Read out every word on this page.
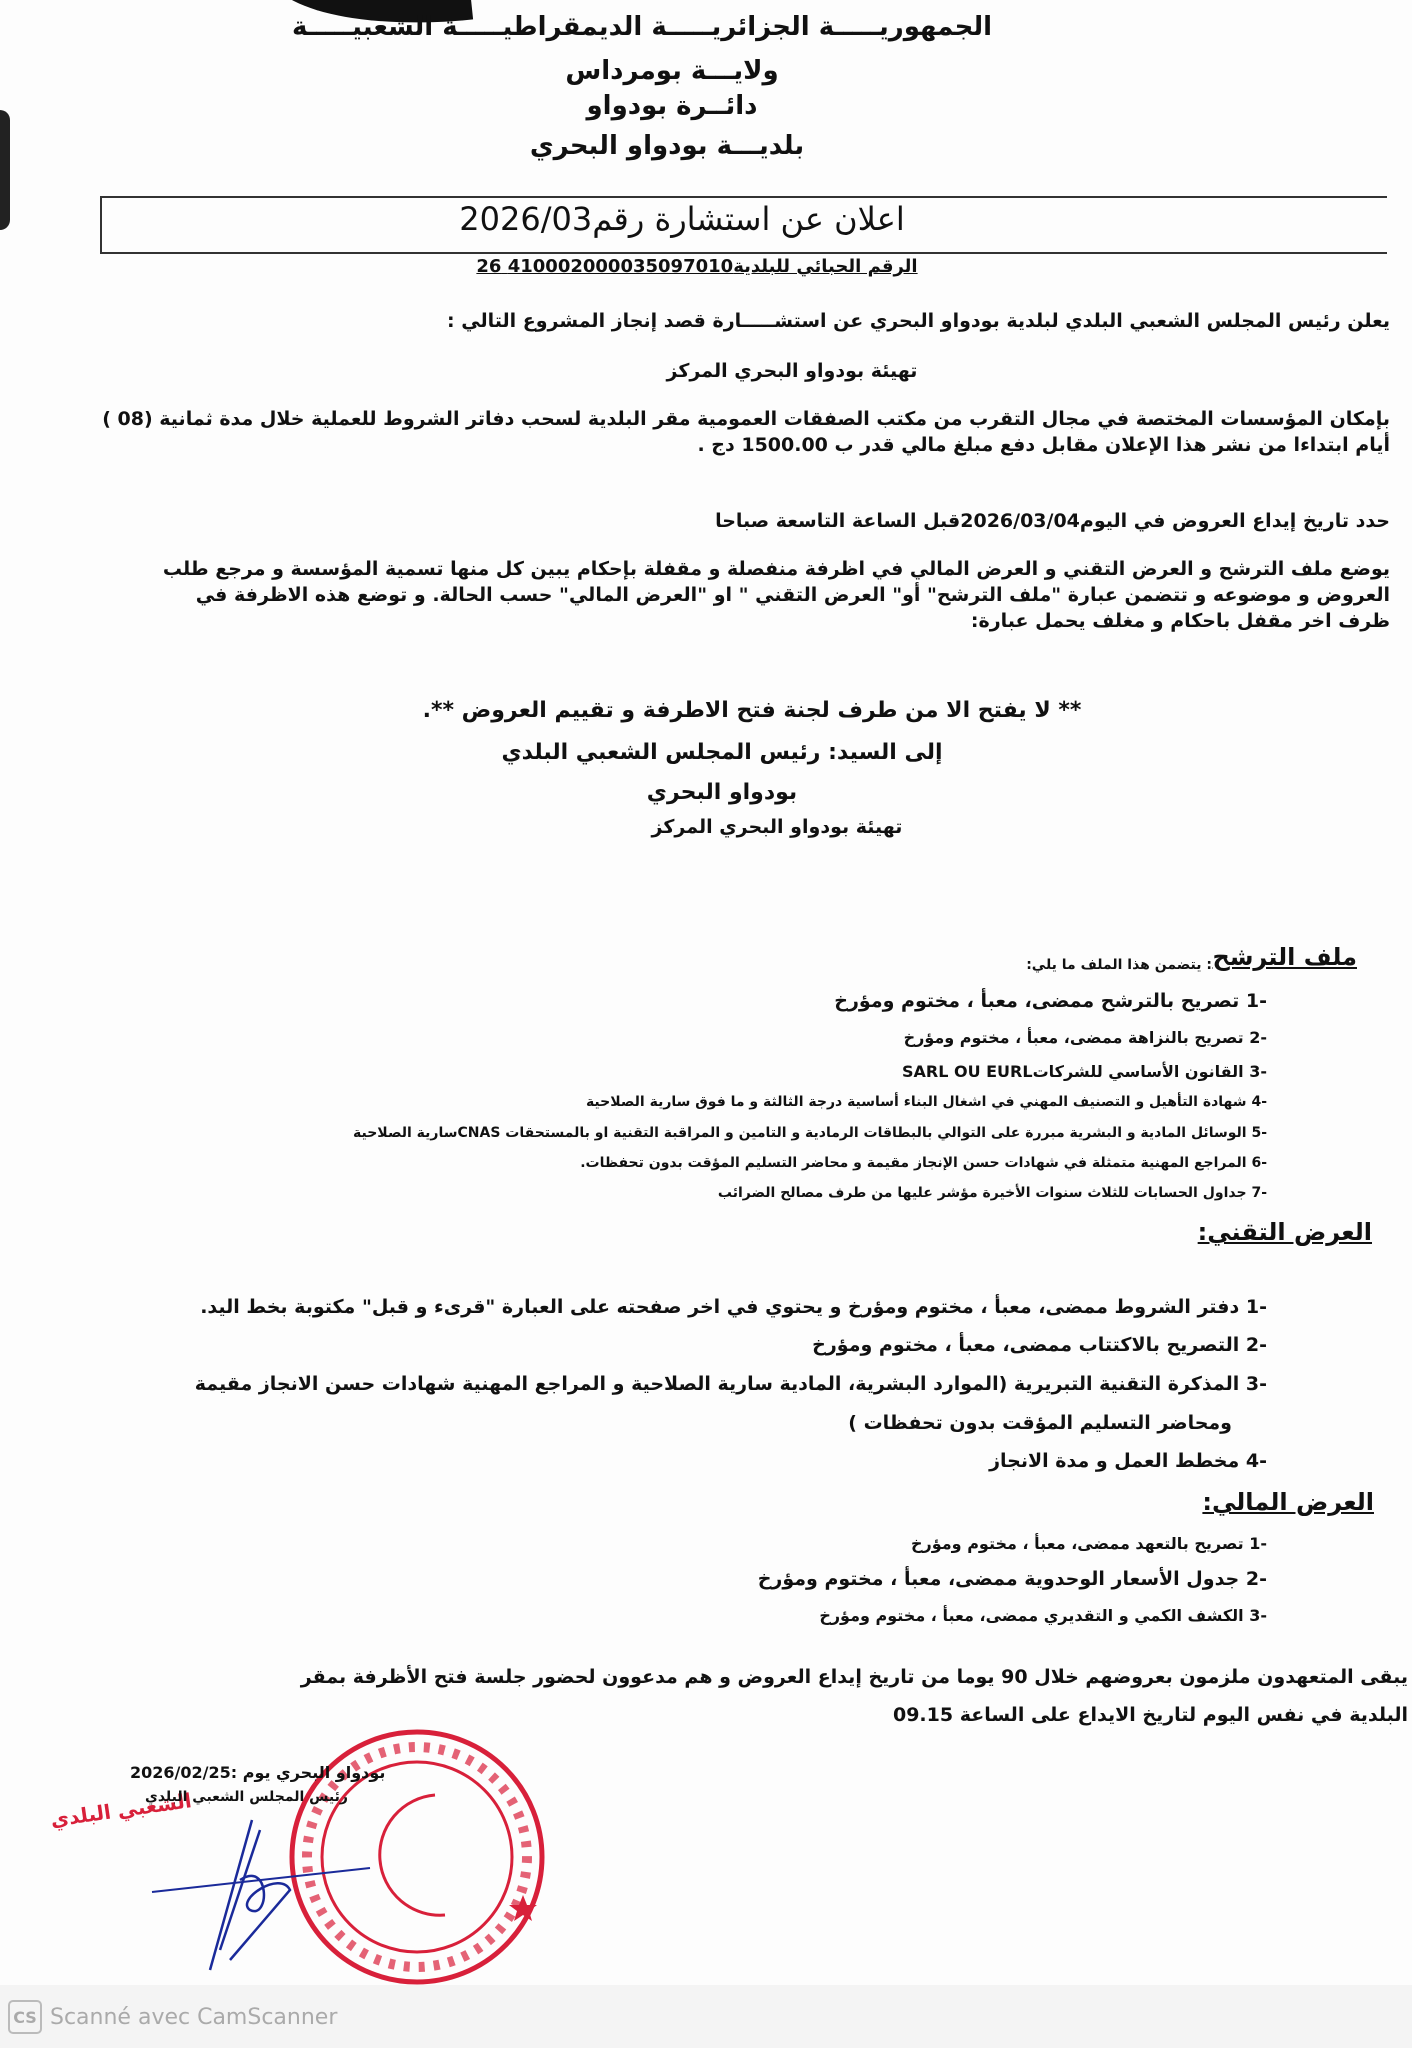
الجمهوريـــــة الجزائريـــــة الديمقراطيـــــة الشعبيـــــة
ولايـــة بومرداس
دائــرة بودواو
بلديـــة بودواو البحري
اعلان عن استشارة رقم2026/03
الرقم الحبائي للبلدية410002000035097010 26
يعلن رئيس المجلس الشعبي البلدي لبلدية بودواو البحري عن استشـــــارة قصد إنجاز المشروع التالي :
تهيئة بودواو البحري المركز
بإمكان المؤسسات المختصة في مجال التقرب من مكتب الصفقات العمومية مقر البلدية لسحب دفاتر الشروط للعملية خلال مدة ثمانية (08 )
أيام ابتداءا من نشر هذا الإعلان مقابل دفع مبلغ مالي قدر ب 1500.00 دج .
حدد تاريخ إيداع العروض في اليوم2026/03/04قبل الساعة التاسعة صباحا
يوضع ملف الترشح و العرض التقني و العرض المالي في اظرفة منفصلة و مقفلة بإحكام يبين كل منها تسمية المؤسسة و مرجع طلب
العروض و موضوعه و تتضمن عبارة "ملف الترشح" أو" العرض التقني " او "العرض المالي" حسب الحالة. و توضع هذه الاظرفة في
ظرف اخر مقفل باحكام و مغلف يحمل عبارة:
** لا يفتح الا من طرف لجنة فتح الاطرفة و تقييم العروض **.
إلى السيد: رئيس المجلس الشعبي البلدي
بودواو البحري
تهيئة بودواو البحري المركز
ملف الترشح
: يتضمن هذا الملف ما يلي:
-1 تصريح بالترشح ممضى، معبأ ، مختوم ومؤرخ
-2 تصريح بالنزاهة ممضى، معبأ ، مختوم ومؤرخ
-3 القانون الأساسي للشركاتSARL OU EURL
-4 شهادة التأهيل و التصنيف المهني في اشغال البناء أساسية درجة الثالثة و ما فوق سارية الصلاحية
-5 الوسائل المادية و البشرية مبررة على التوالي بالبطاقات الرمادية و التامين و المراقبة التقنية او بالمستحقات CNASسارية الصلاحية
-6 المراجع المهنية متمثلة في شهادات حسن الإنجاز مقيمة و محاضر التسليم المؤقت بدون تحفظات.
-7 جداول الحسابات للثلاث سنوات الأخيرة مؤشر عليها من طرف مصالح الضرائب
العرض التقني:
-1 دفتر الشروط ممضى، معبأ ، مختوم ومؤرخ و يحتوي في اخر صفحته على العبارة "قرىء و قبل" مكتوبة بخط اليد.
-2 التصريح بالاكتتاب ممضى، معبأ ، مختوم ومؤرخ
-3 المذكرة التقنية التبريرية (الموارد البشرية، المادية سارية الصلاحية و المراجع المهنية شهادات حسن الانجاز مقيمة
ومحاضر التسليم المؤقت بدون تحفظات )
-4 مخطط العمل و مدة الانجاز
العرض المالي:
-1 تصريح بالتعهد ممضى، معبأ ، مختوم ومؤرخ
-2 جدول الأسعار الوحدوية ممضى، معبأ ، مختوم ومؤرخ
-3 الكشف الكمي و التقديري ممضى، معبأ ، مختوم ومؤرخ
يبقى المتعهدون ملزمون بعروضهم خلال 90 يوما من تاريخ إيداع العروض و هم مدعوون لحضور جلسة فتح الأظرفة بمقر
البلدية في نفس اليوم لتاريخ الايداع على الساعة 09.15
الشعبي البلدي
بودواو البحري يوم :2026/02/25
رئيس المجلس الشعبي البلدي
CS Scanné avec CamScanner
